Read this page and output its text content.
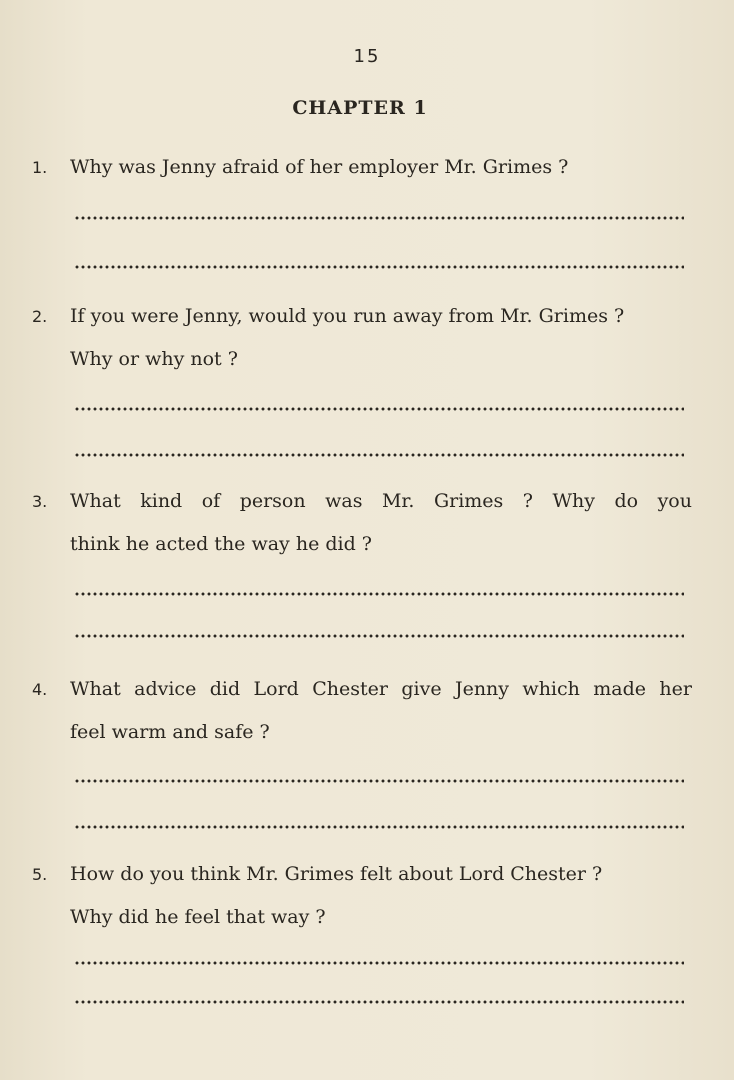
15
CHAPTER 1
1.	Why was Jenny afraid of her employer Mr. Grimes ?
2.	If you were Jenny, would you run away from Mr. Grimes ?
Why or why not ?
3.	What kind of person was Mr. Grimes ? Why do you
think he acted the way he did ?
4.	What advice did Lord Chester give Jenny which made her
feel warm and safe ?
5.	How do you think Mr. Grimes felt about Lord Chester ?
Why did he feel that way ?
